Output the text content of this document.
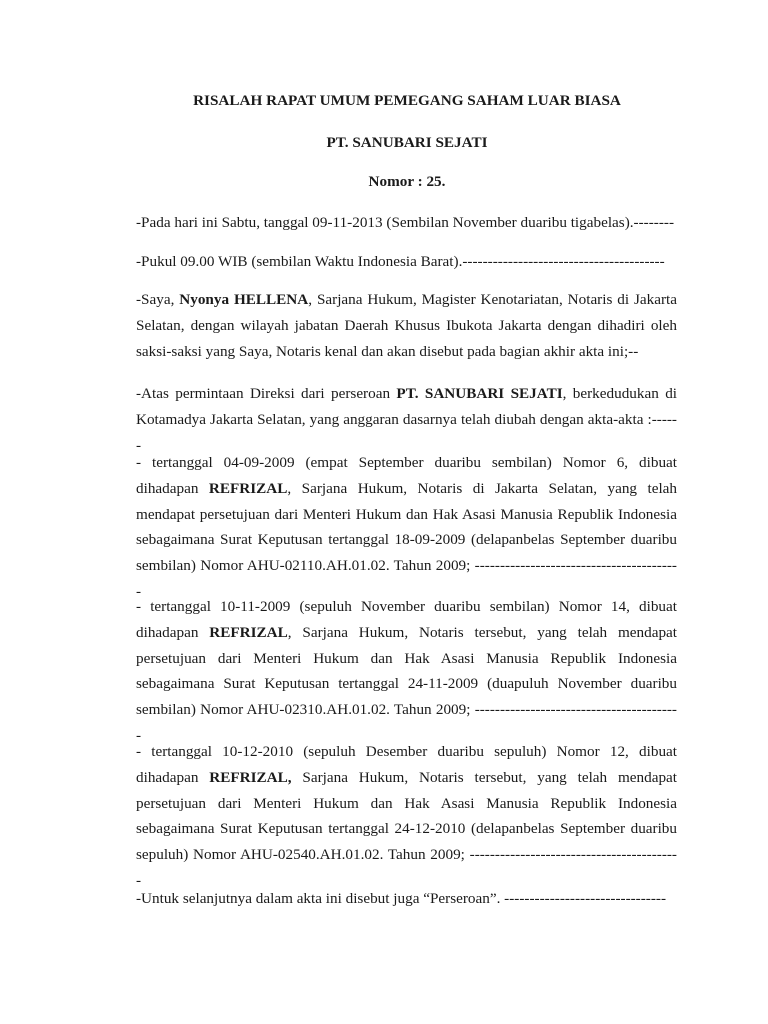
RISALAH RAPAT UMUM PEMEGANG SAHAM LUAR BIASA
PT. SANUBARI SEJATI
Nomor : 25.

-Pada hari ini Sabtu, tanggal 09-11-2013 (Sembilan November duaribu tigabelas).--------

-Pukul 09.00 WIB (sembilan Waktu Indonesia Barat).----------------------------------------

-Saya, Nyonya HELLENA, Sarjana Hukum, Magister Kenotariatan, Notaris di Jakarta Selatan, dengan wilayah jabatan Daerah Khusus Ibukota Jakarta dengan dihadiri oleh saksi-saksi yang Saya, Notaris kenal dan akan disebut pada bagian akhir akta ini;--

-Atas permintaan Direksi dari perseroan PT. SANUBARI SEJATI, berkedudukan di Kotamadya Jakarta Selatan, yang anggaran dasarnya telah diubah dengan akta-akta :------

- tertanggal 04-09-2009 (empat September duaribu sembilan) Nomor 6, dibuat dihadapan REFRIZAL, Sarjana Hukum, Notaris di Jakarta Selatan, yang telah mendapat persetujuan dari Menteri Hukum dan Hak Asasi Manusia Republik Indonesia sebagaimana Surat Keputusan tertanggal 18-09-2009 (delapanbelas September duaribu sembilan) Nomor AHU-02110.AH.01.02. Tahun 2009; -----------------------------------------

- tertanggal 10-11-2009 (sepuluh November duaribu sembilan) Nomor 14, dibuat dihadapan REFRIZAL, Sarjana Hukum, Notaris tersebut, yang telah mendapat persetujuan dari Menteri Hukum dan Hak Asasi Manusia Republik Indonesia sebagaimana Surat Keputusan tertanggal 24-11-2009 (duapuluh November duaribu sembilan) Nomor AHU-02310.AH.01.02. Tahun 2009; -----------------------------------------

- tertanggal 10-12-2010 (sepuluh Desember duaribu sepuluh) Nomor 12, dibuat dihadapan REFRIZAL, Sarjana Hukum, Notaris tersebut, yang telah mendapat persetujuan dari Menteri Hukum dan Hak Asasi Manusia Republik Indonesia sebagaimana Surat Keputusan tertanggal 24-12-2010 (delapanbelas September duaribu sepuluh) Nomor AHU-02540.AH.01.02. Tahun 2009; ------------------------------------------

-Untuk selanjutnya dalam akta ini disebut juga “Perseroan”. --------------------------------
